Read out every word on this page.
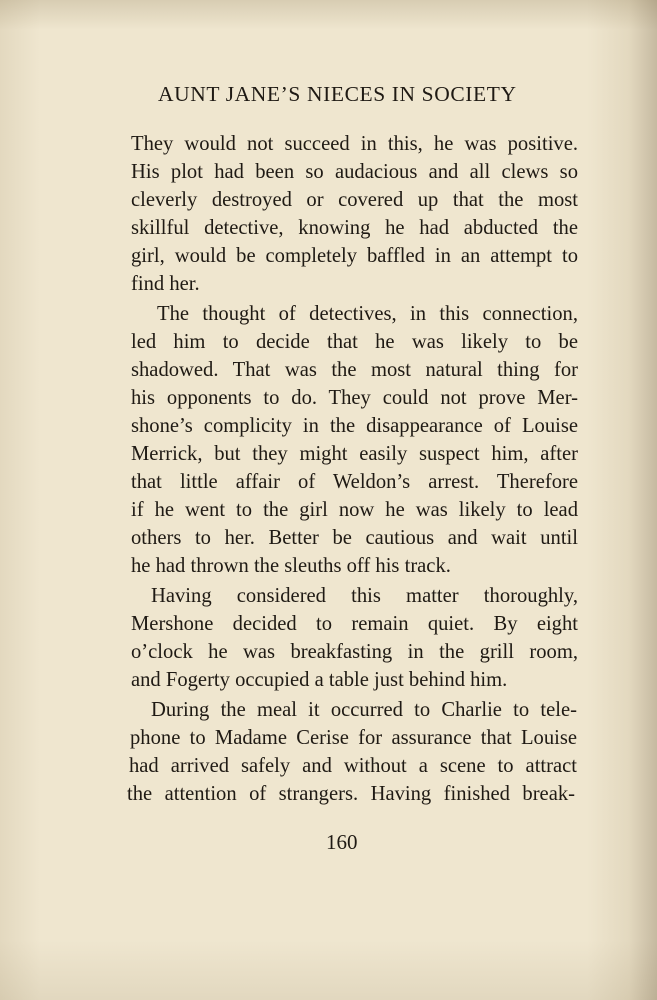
AUNT JANE’S NIECES IN SOCIETY
They would not succeed in this, he was positive.
His plot had been so audacious and all clews so
cleverly destroyed or covered up that the most
skillful detective, knowing he had abducted the
girl, would be completely baffled in an attempt to
find her.
The thought of detectives, in this connection,
led him to decide that he was likely to be
shadowed. That was the most natural thing for
his opponents to do. They could not prove Mer-
shone’s complicity in the disappearance of Louise
Merrick, but they might easily suspect him, after
that little affair of Weldon’s arrest. Therefore
if he went to the girl now he was likely to lead
others to her. Better be cautious and wait until
he had thrown the sleuths off his track.
Having considered this matter thoroughly,
Mershone decided to remain quiet. By eight
o’clock he was breakfasting in the grill room,
and Fogerty occupied a table just behind him.
During the meal it occurred to Charlie to tele-
phone to Madame Cerise for assurance that Louise
had arrived safely and without a scene to attract
the attention of strangers. Having finished break-
160
